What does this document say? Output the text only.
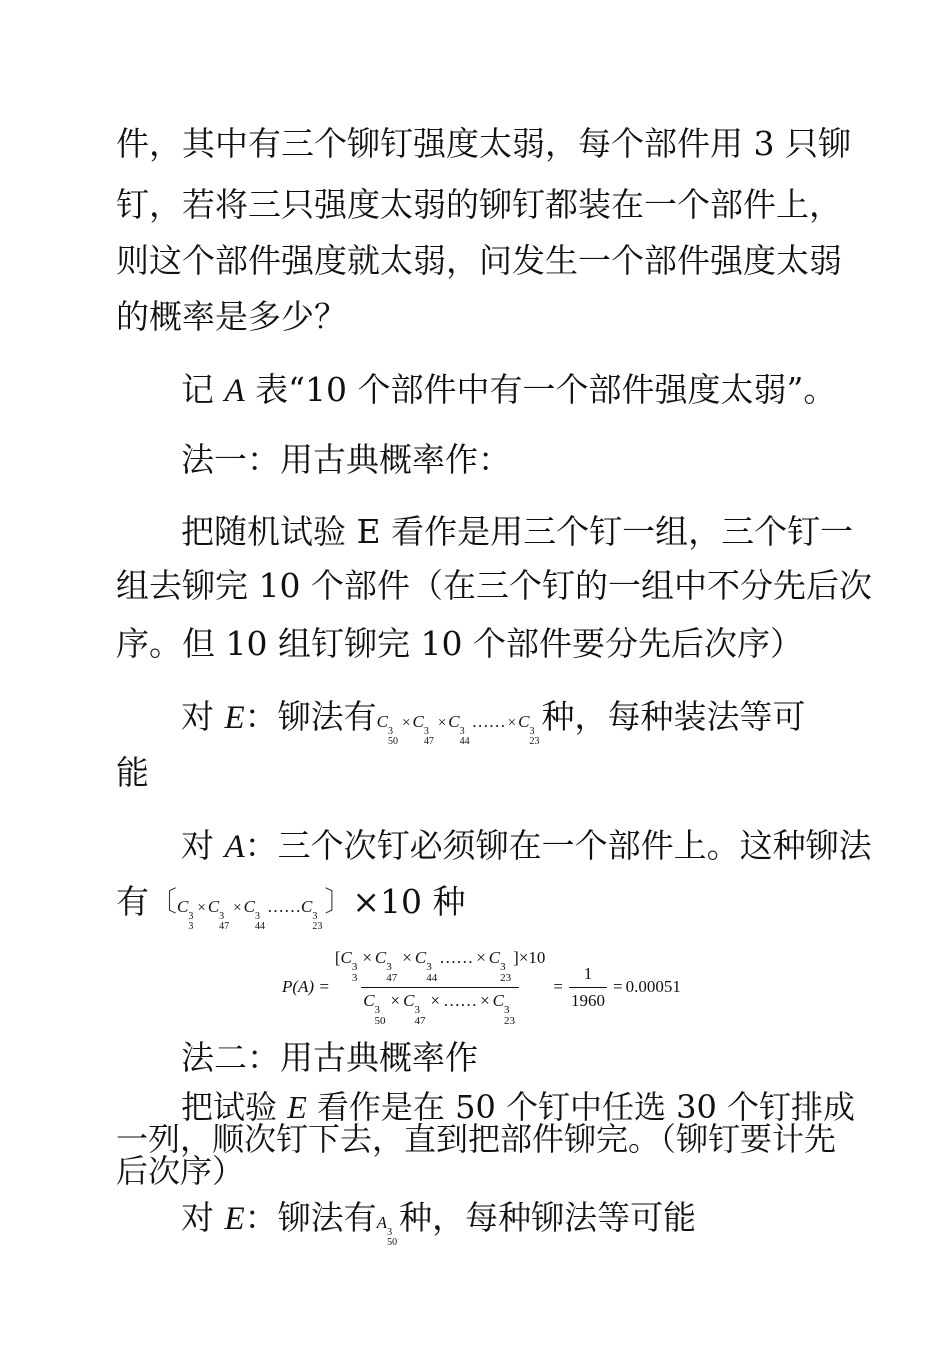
件，其中有三个铆钉强度太弱，每个部件用 3 只铆
钉，若将三只强度太弱的铆钉都装在一个部件上，
则这个部件强度就太弱，问发生一个部件强度太弱
的概率是多少？
记 A 表“10 个部件中有一个部件强度太弱”。
法一：用古典概率作：
把随机试验 E 看作是用三个钉一组，三个钉一
组去铆完 10 个部件（在三个钉的一组中不分先后次
序。但 10 组钉铆完 10 个部件要分先后次序）
对 E：铆法有C
3
50
× C
3
47
× C
3
44
…… × C
3
23
种，每种装法等可
能
对 A：三个次钉必须铆在一个部件上。这种铆法
有〔C
3
3
× C
3
47
× C
3
44
……C
3
23
〕×10 种
P(A) = [C 3
3
× C 3
47
× C 3
44
…… × C 3
23
]×10
C 3
50
× C 3
47
× …… × C 3
$23 = \frac{1}{1960} = 0.00051$
法二：用古典概率作
把试验 E 看作是在 50 个钉中任选 30 个钉排成
一列，顺次钉下去，直到把部件铆完。（铆钉要计先
后次序）
对 E：铆法有A
3
50
种，每种铆法等可能
